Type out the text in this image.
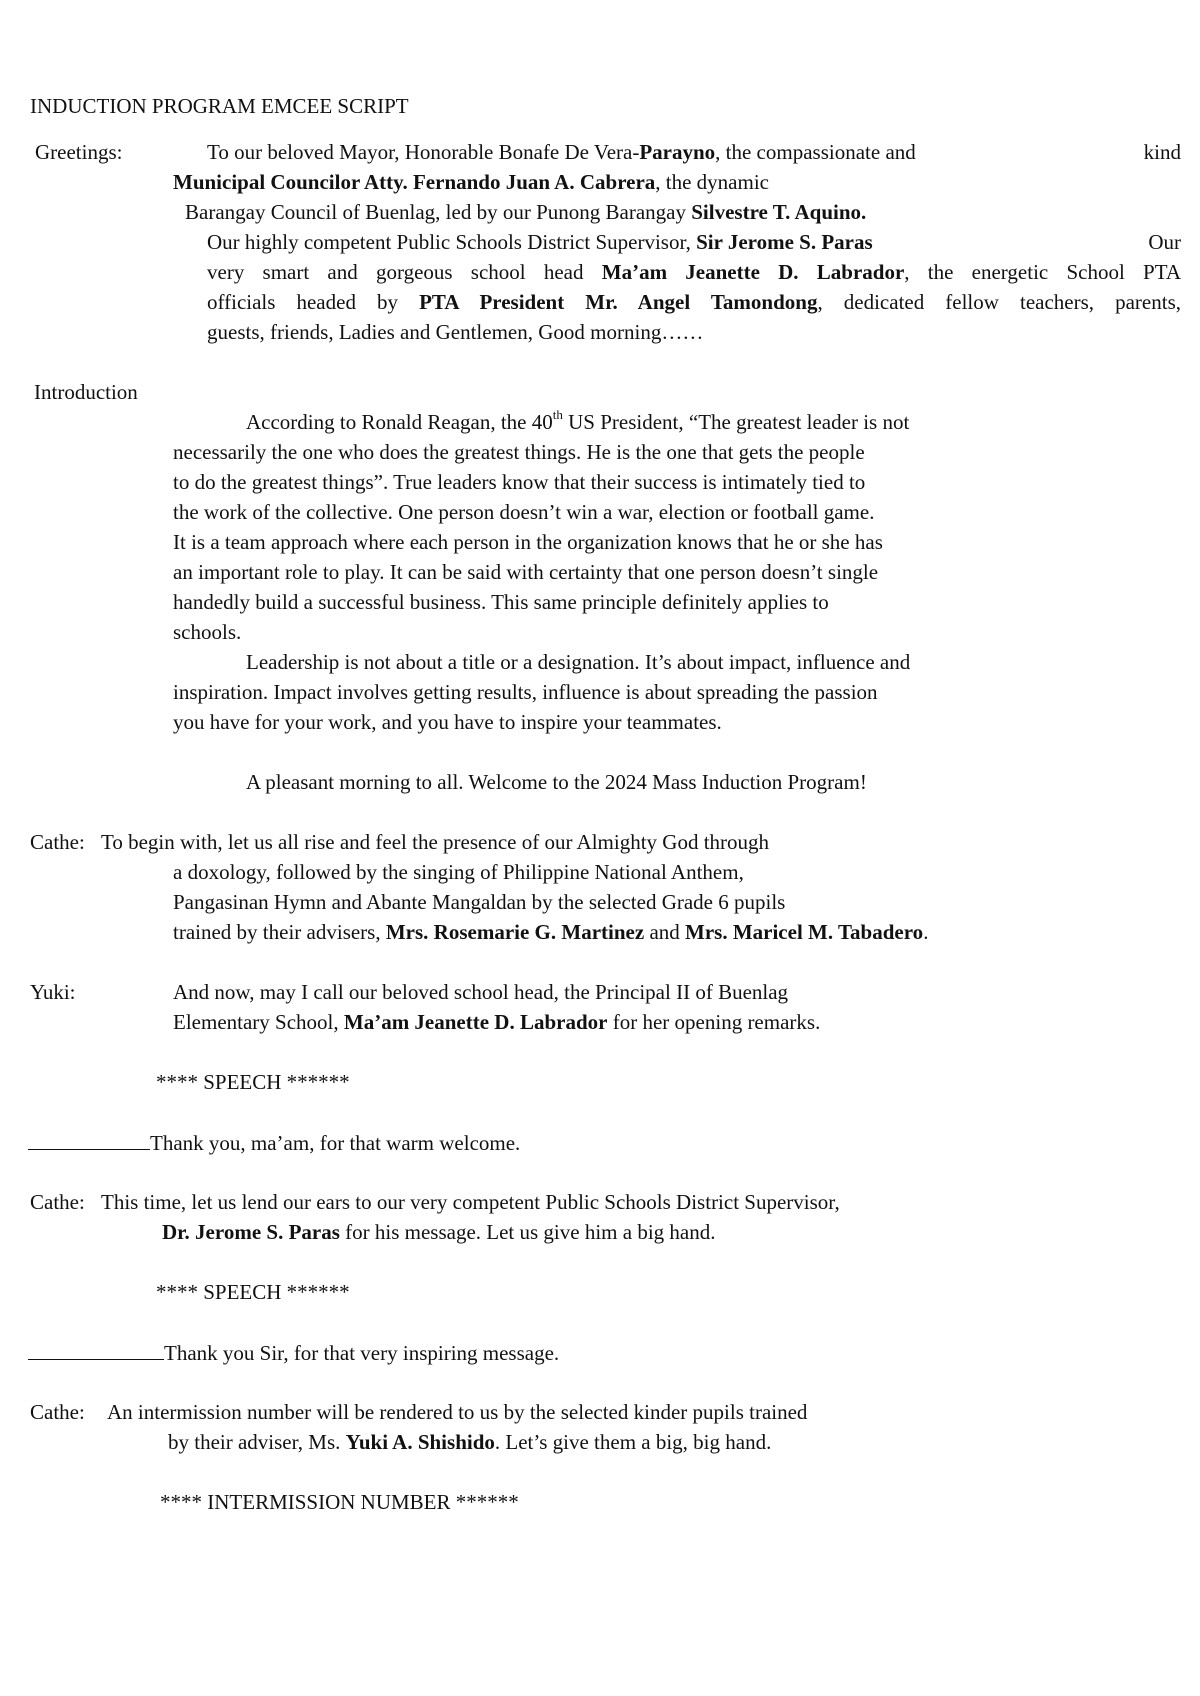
INDUCTION PROGRAM EMCEE SCRIPT
Greetings:	To our beloved Mayor, Honorable Bonafe De Vera-Parayno, the compassionate and	kind
Municipal Councilor Atty. Fernando Juan A. Cabrera, the dynamic
Barangay Council of Buenlag, led by our Punong Barangay Silvestre T. Aquino.
Our highly competent Public Schools District Supervisor, Sir Jerome S. Paras	Our
very smart and gorgeous school head Ma’am Jeanette D. Labrador, the energetic School PTA
officials headed by PTA President Mr. Angel Tamondong, dedicated fellow teachers, parents,
guests, friends, Ladies and Gentlemen, Good morning……
Introduction
According to Ronald Reagan, the 40th US President, “The greatest leader is not
necessarily the one who does the greatest things. He is the one that gets the people
to do the greatest things”. True leaders know that their success is intimately tied to
the work of the collective. One person doesn’t win a war, election or football game.
It is a team approach where each person in the organization knows that he or she has
an important role to play. It can be said with certainty that one person doesn’t single
handedly build a successful business. This same principle definitely applies to
schools.
Leadership is not about a title or a designation. It’s about impact, influence and
inspiration. Impact involves getting results, influence is about spreading the passion
you have for your work, and you have to inspire your teammates.
A pleasant morning to all. Welcome to the 2024 Mass Induction Program!
Cathe: To begin with, let us all rise and feel the presence of our Almighty God through
a doxology, followed by the singing of Philippine National Anthem,
Pangasinan Hymn and Abante Mangaldan by the selected Grade 6 pupils
trained by their advisers, Mrs. Rosemarie G. Martinez and Mrs. Maricel M. Tabadero.
Yuki:	And now, may I call our beloved school head, the Principal II of Buenlag
Elementary School, Ma’am Jeanette D. Labrador for her opening remarks.
**** SPEECH ******
Thank you, ma’am, for that warm welcome.
Cathe: This time, let us lend our ears to our very competent Public Schools District Supervisor,
Dr. Jerome S. Paras for his message. Let us give him a big hand.
**** SPEECH ******
Thank you Sir, for that very inspiring message.
Cathe: An intermission number will be rendered to us by the selected kinder pupils trained
by their adviser, Ms. Yuki A. Shishido. Let’s give them a big, big hand.
**** INTERMISSION NUMBER ******
